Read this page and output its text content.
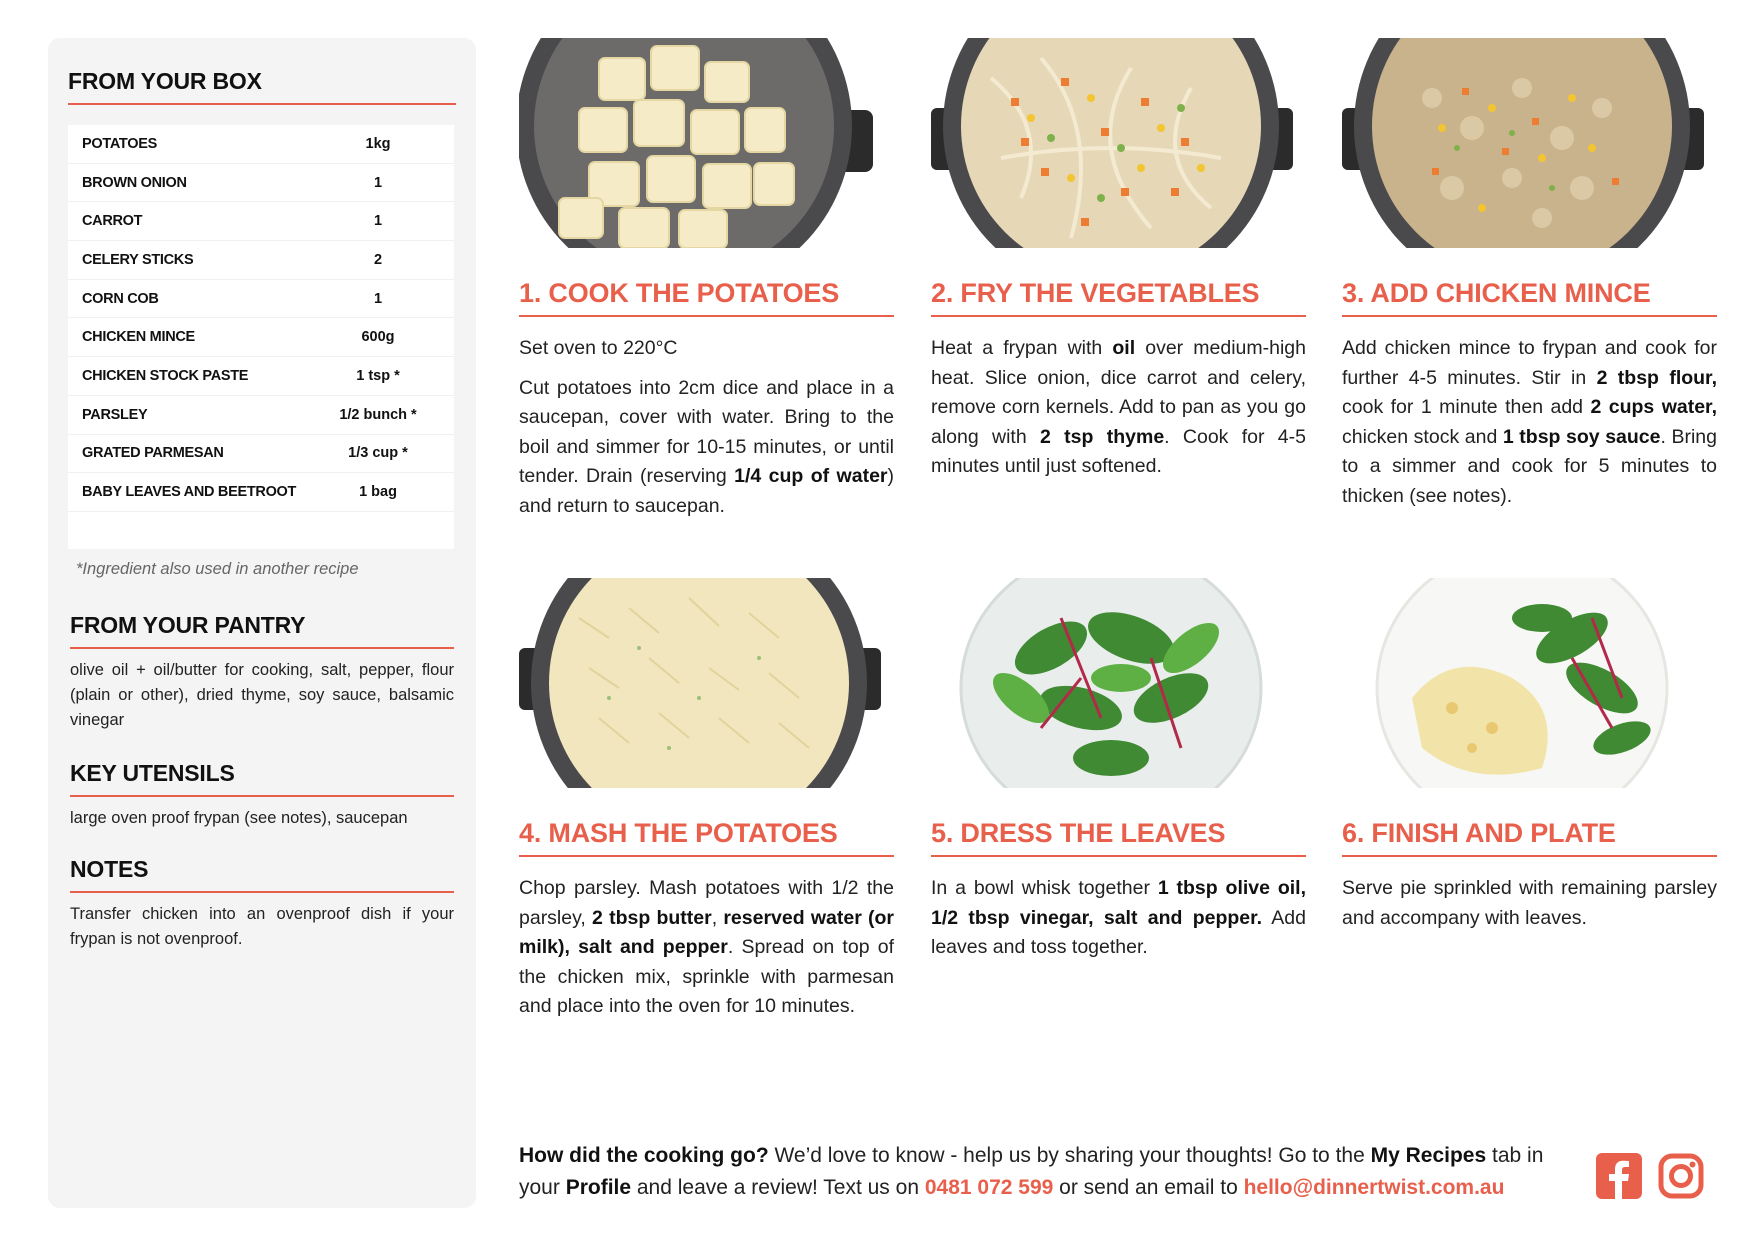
FROM YOUR BOX
POTATOES	1kg
BROWN ONION	1
CARROT	1
CELERY STICKS	2
CORN COB	1
CHICKEN MINCE	600g
CHICKEN STOCK PASTE	1 tsp *
PARSLEY	1/2 bunch *
GRATED PARMESAN	1/3 cup *
BABY LEAVES AND BEETROOT	1 bag
*Ingredient also used in another recipe
FROM YOUR PANTRY
olive oil + oil/butter for cooking, salt, pepper, flour (plain or other), dried thyme, soy sauce, balsamic vinegar
KEY UTENSILS
large oven proof frypan (see notes), saucepan
NOTES
Transfer chicken into an ovenproof dish if your frypan is not ovenproof.
1. COOK THE POTATOES

Set oven to 220°C

Cut potatoes into 2cm dice and place in a saucepan, cover with water. Bring to the boil and simmer for 10-15 minutes, or until tender. Drain (reserving 1/4 cup of water) and return to saucepan.

2. FRY THE VEGETABLES

Heat a frypan with oil over medium-high heat. Slice onion, dice carrot and celery, remove corn kernels. Add to pan as you go along with 2 tsp thyme. Cook for 4-5 minutes until just softened.

3. ADD CHICKEN MINCE

Add chicken mince to frypan and cook for further 4-5 minutes. Stir in 2 tbsp flour, cook for 1 minute then add 2 cups water, chicken stock and 1 tbsp soy sauce. Bring to a simmer and cook for 5 minutes to thicken (see notes).

4. MASH THE POTATOES

Chop parsley. Mash potatoes with 1/2 the parsley, 2 tbsp butter, reserved water (or milk), salt and pepper. Spread on top of the chicken mix, sprinkle with parmesan and place into the oven for 10 minutes.

5. DRESS THE LEAVES

In a bowl whisk together 1 tbsp olive oil, 1/2 tbsp vinegar, salt and pepper. Add leaves and toss together.

6. FINISH AND PLATE

Serve pie sprinkled with remaining parsley and accompany with leaves.

How did the cooking go? We’d love to know - help us by sharing your thoughts! Go to the My Recipes tab in your Profile and leave a review! Text us on 0481 072 599 or send an email to hello@dinnertwist.com.au
